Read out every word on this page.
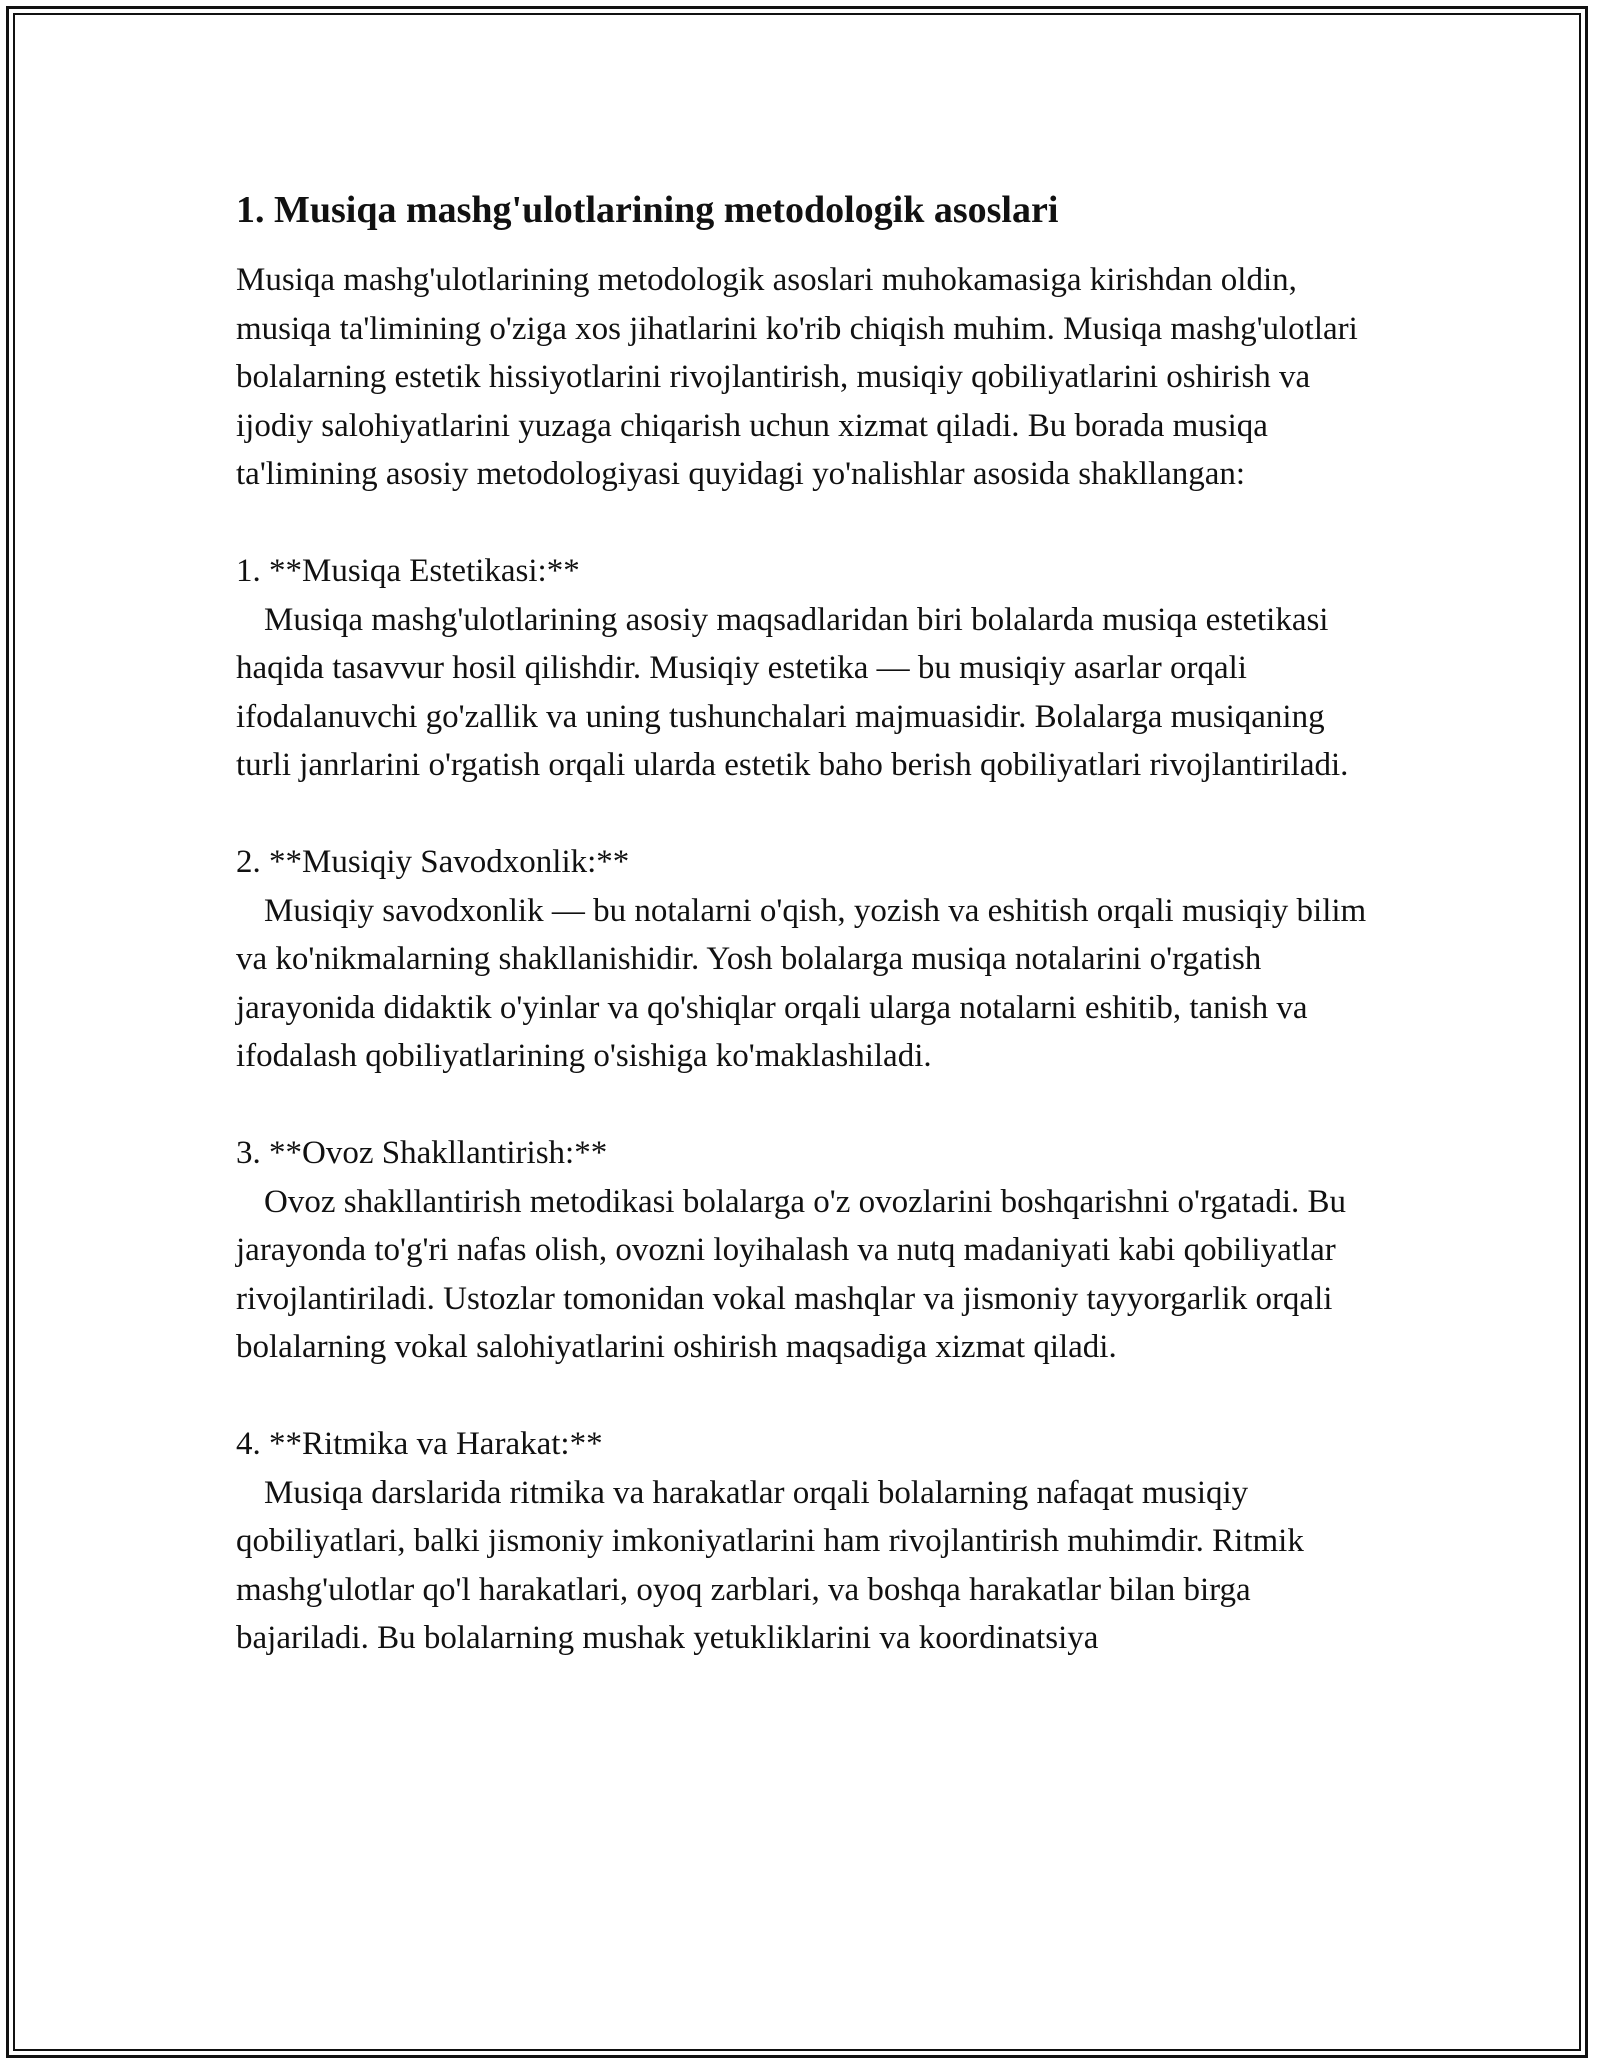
1. Musiqa mashg'ulotlarining metodologik asoslari

Musiqa mashg'ulotlarining metodologik asoslari muhokamasiga kirishdan oldin, musiqa ta'limining o'ziga xos jihatlarini ko'rib chiqish muhim. Musiqa mashg'ulotlari bolalarning estetik hissiyotlarini rivojlantirish, musiqiy qobiliyatlarini oshirish va ijodiy salohiyatlarini yuzaga chiqarish uchun xizmat qiladi. Bu borada musiqa ta'limining asosiy metodologiyasi quyidagi yo'nalishlar asosida shakllangan:

1. **Musiqa Estetikasi:**

Musiqa mashg'ulotlarining asosiy maqsadlaridan biri bolalarda musiqa estetikasi haqida tasavvur hosil qilishdir. Musiqiy estetika — bu musiqiy asarlar orqali ifodalanuvchi go'zallik va uning tushunchalari majmuasidir. Bolalarga musiqaning turli janrlarini o'rgatish orqali ularda estetik baho berish qobiliyatlari rivojlantiriladi.

2. **Musiqiy Savodxonlik:**

Musiqiy savodxonlik — bu notalarni o'qish, yozish va eshitish orqali musiqiy bilim va ko'nikmalarning shakllanishidir. Yosh bolalarga musiqa notalarini o'rgatish jarayonida didaktik o'yinlar va qo'shiqlar orqali ularga notalarni eshitib, tanish va ifodalash qobiliyatlarining o'sishiga ko'maklashiladi.

3. **Ovoz Shakllantirish:**

Ovoz shakllantirish metodikasi bolalarga o'z ovozlarini boshqarishni o'rgatadi. Bu jarayonda to'g'ri nafas olish, ovozni loyihalash va nutq madaniyati kabi qobiliyatlar rivojlantiriladi. Ustozlar tomonidan vokal mashqlar va jismoniy tayyorgarlik orqali bolalarning vokal salohiyatlarini oshirish maqsadiga xizmat qiladi.

4. **Ritmika va Harakat:**

Musiqa darslarida ritmika va harakatlar orqali bolalarning nafaqat musiqiy qobiliyatlari, balki jismoniy imkoniyatlarini ham rivojlantirish muhimdir. Ritmik mashg'ulotlar qo'l harakatlari, oyoq zarblari, va boshqa harakatlar bilan birga bajariladi. Bu bolalarning mushak yetukliklarini va koordinatsiya
